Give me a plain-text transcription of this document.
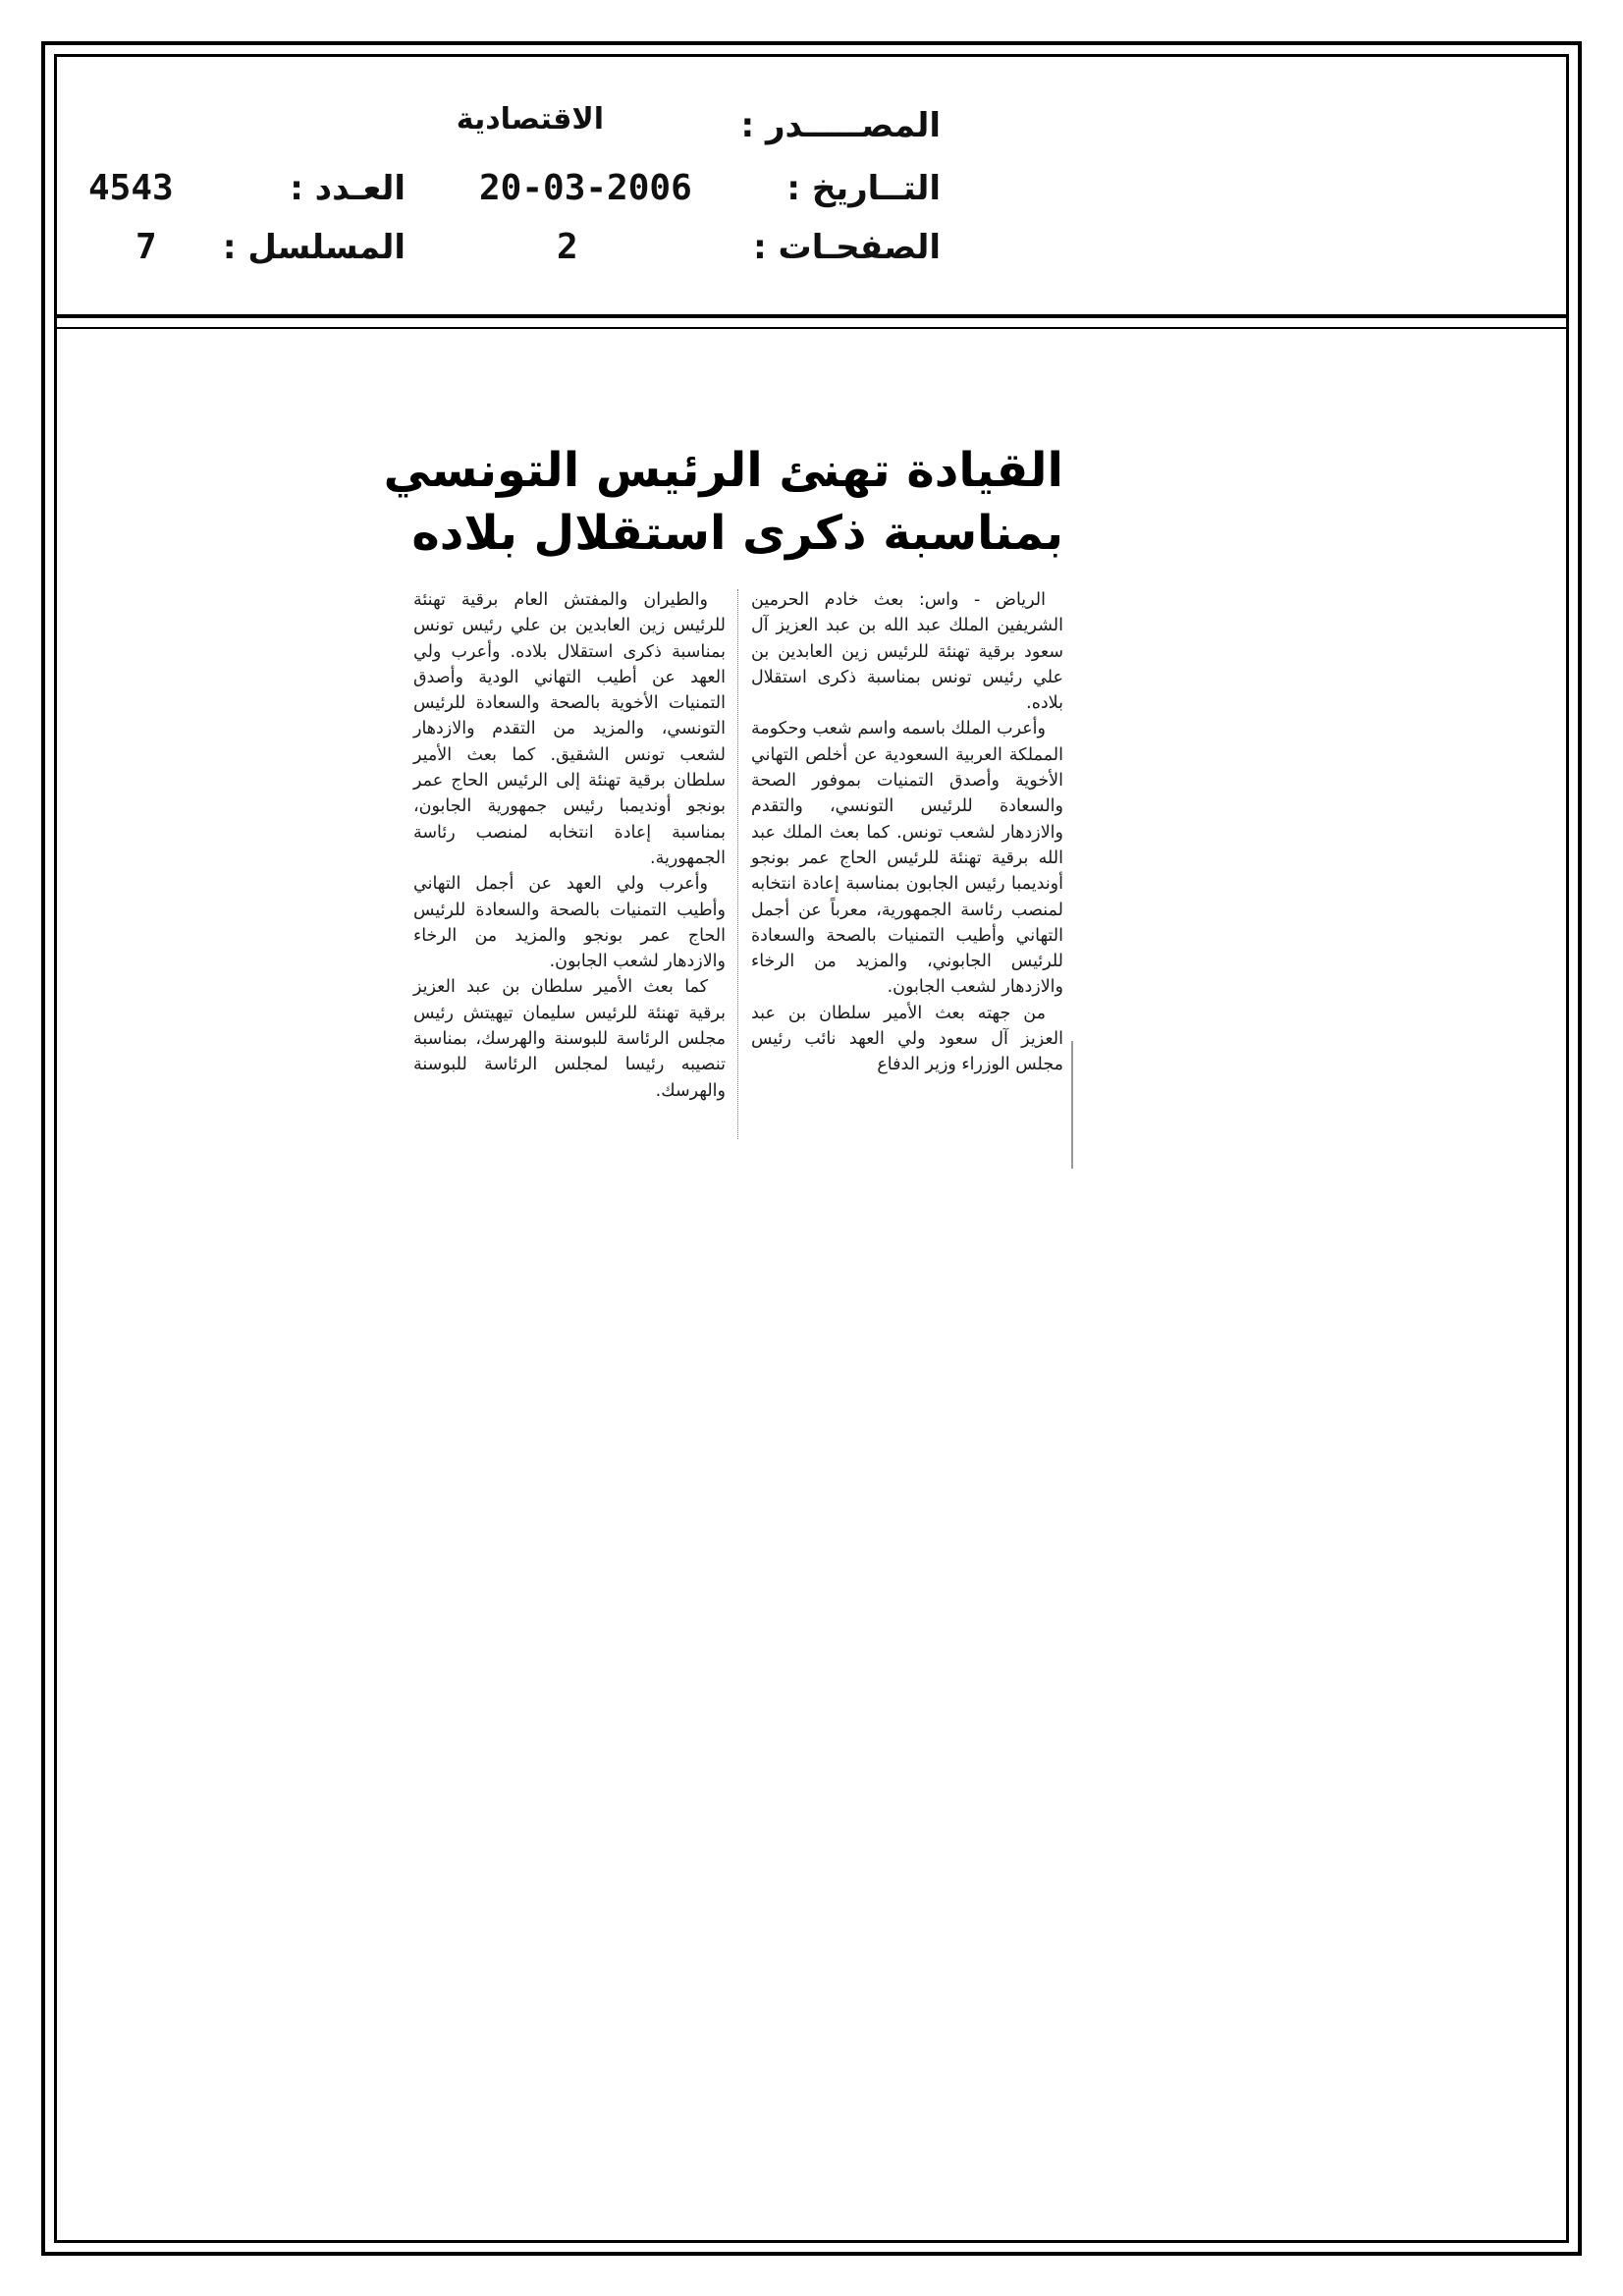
المصـــــدر :
الاقتصادية
التــاريخ :
20-03-2006
العـدد :
4543
الصفحـات :
2
المسلسل :
7
القيادة تهنئ الرئيس التونسي
بمناسبة ذكرى استقلال بلاده

الرياض - واس: بعث خادم الحرمين الشريفين الملك عبد الله بن عبد العزيز آل سعود برقية تهنئة للرئيس زين العابدين بن علي رئيس تونس بمناسبة ذكرى استقلال بلاده.

وأعرب الملك باسمه واسم شعب وحكومة المملكة العربية السعودية عن أخلص التهاني الأخوية وأصدق التمنيات بموفور الصحة والسعادة للرئيس التونسي، والتقدم والازدهار لشعب تونس. كما بعث الملك عبد الله برقية تهنئة للرئيس الحاج عمر بونجو أونديمبا رئيس الجابون بمناسبة إعادة انتخابه لمنصب رئاسة الجمهورية، معرباً عن أجمل التهاني وأطيب التمنيات بالصحة والسعادة للرئيس الجابوني، والمزيد من الرخاء والازدهار لشعب الجابون.

من جهته بعث الأمير سلطان بن عبد العزيز آل سعود ولي العهد نائب رئيس مجلس الوزراء وزير الدفاع

والطيران والمفتش العام برقية تهنئة للرئيس زين العابدين بن علي رئيس تونس بمناسبة ذكرى استقلال بلاده. وأعرب ولي العهد عن أطيب التهاني الودية وأصدق التمنيات الأخوية بالصحة والسعادة للرئيس التونسي، والمزيد من التقدم والازدهار لشعب تونس الشقيق. كما بعث الأمير سلطان برقية تهنئة إلى الرئيس الحاج عمر بونجو أونديمبا رئيس جمهورية الجابون، بمناسبة إعادة انتخابه لمنصب رئاسة الجمهورية.

وأعرب ولي العهد عن أجمل التهاني وأطيب التمنيات بالصحة والسعادة للرئيس الحاج عمر بونجو والمزيد من الرخاء والازدهار لشعب الجابون.

كما بعث الأمير سلطان بن عبد العزيز برقية تهنئة للرئيس سليمان تيهيتش رئيس مجلس الرئاسة للبوسنة والهرسك، بمناسبة تنصيبه رئيسا لمجلس الرئاسة للبوسنة والهرسك.
